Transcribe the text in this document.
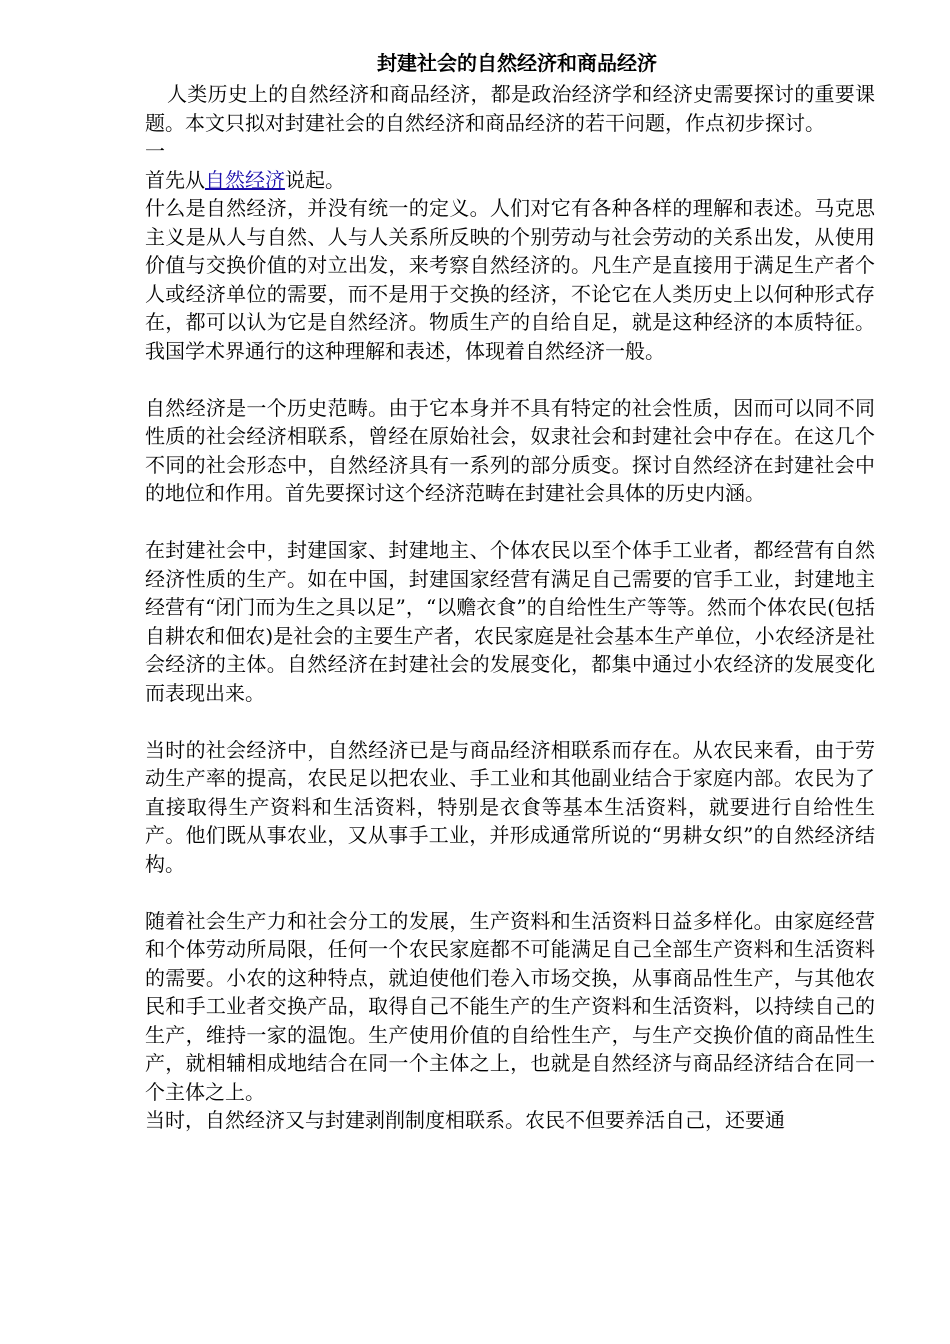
封建社会的自然经济和商品经济

人类历史上的自然经济和商品经济，都是政治经济学和经济史需要探讨的重要课题。本文只拟对封建社会的自然经济和商品经济的若干问题，作点初步探讨。

一

首先从自然经济说起。

什么是自然经济，并没有统一的定义。人们对它有各种各样的理解和表述。马克思主义是从人与自然、人与人关系所反映的个别劳动与社会劳动的关系出发，从使用价值与交换价值的对立出发，来考察自然经济的。凡生产是直接用于满足生产者个人或经济单位的需要，而不是用于交换的经济，不论它在人类历史上以何种形式存在，都可以认为它是自然经济。物质生产的自给自足，就是这种经济的本质特征。我国学术界通行的这种理解和表述，体现着自然经济一般。

自然经济是一个历史范畴。由于它本身并不具有特定的社会性质，因而可以同不同性质的社会经济相联系，曾经在原始社会，奴隶社会和封建社会中存在。在这几个不同的社会形态中，自然经济具有一系列的部分质变。探讨自然经济在封建社会中的地位和作用。首先要探讨这个经济范畴在封建社会具体的历史内涵。

在封建社会中，封建国家、封建地主、个体农民以至个体手工业者，都经营有自然经济性质的生产。如在中国，封建国家经营有满足自己需要的官手工业，封建地主经营有“闭门而为生之具以足”，“以赡衣食”的自给性生产等等。然而个体农民(包括自耕农和佃农)是社会的主要生产者，农民家庭是社会基本生产单位，小农经济是社会经济的主体。自然经济在封建社会的发展变化，都集中通过小农经济的发展变化而表现出来。

当时的社会经济中，自然经济已是与商品经济相联系而存在。从农民来看，由于劳动生产率的提高，农民足以把农业、手工业和其他副业结合于家庭内部。农民为了直接取得生产资料和生活资料，特别是衣食等基本生活资料，就要进行自给性生产。他们既从事农业，又从事手工业，并形成通常所说的“男耕女织”的自然经济结构。

随着社会生产力和社会分工的发展，生产资料和生活资料日益多样化。由家庭经营和个体劳动所局限，任何一个农民家庭都不可能满足自己全部生产资料和生活资料的需要。小农的这种特点，就迫使他们卷入市场交换，从事商品性生产，与其他农民和手工业者交换产品，取得自己不能生产的生产资料和生活资料，以持续自己的生产，维持一家的温饱。生产使用价值的自给性生产，与生产交换价值的商品性生产，就相辅相成地结合在同一个主体之上，也就是自然经济与商品经济结合在同一个主体之上。

当时，自然经济又与封建剥削制度相联系。农民不但要养活自己，还要通
